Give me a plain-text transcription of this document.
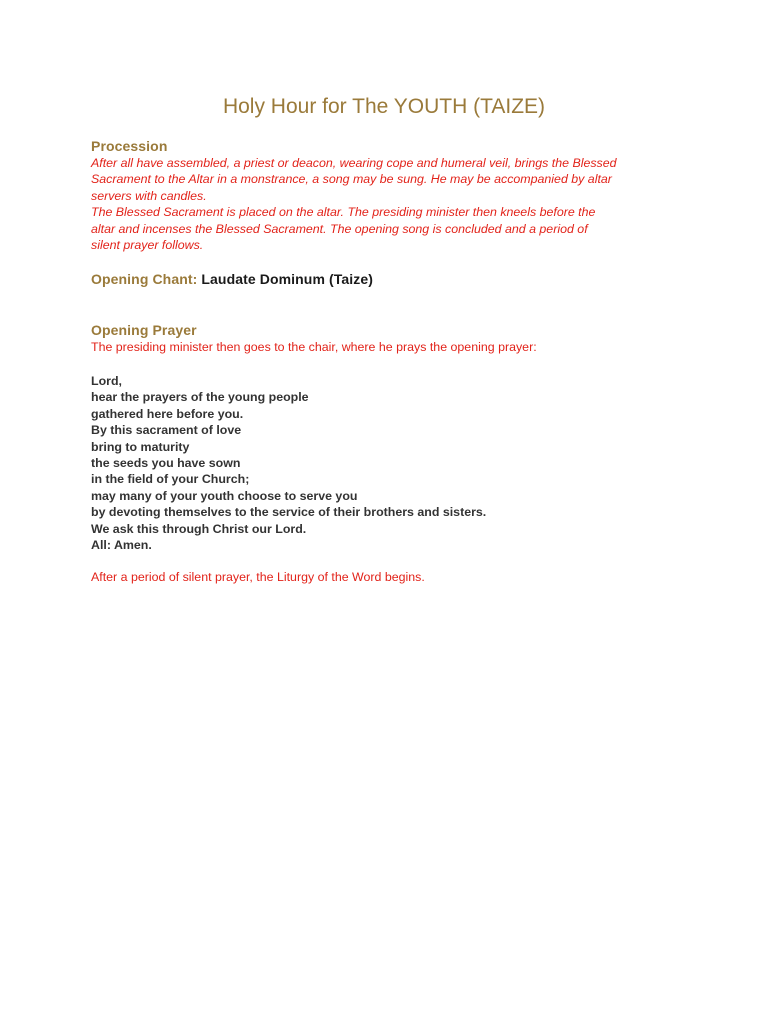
Holy Hour for The YOUTH (TAIZE)
Procession
After all have assembled, a priest or deacon, wearing cope and humeral veil, brings the Blessed
Sacrament to the Altar in a monstrance, a song may be sung. He may be accompanied by altar
servers with candles.
The Blessed Sacrament is placed on the altar. The presiding minister then kneels before the
altar and incenses the Blessed Sacrament. The opening song is concluded and a period of
silent prayer follows.
Opening Chant: Laudate Dominum (Taize)
Opening Prayer
The presiding minister then goes to the chair, where he prays the opening prayer:
Lord,
hear the prayers of the young people
gathered here before you.
By this sacrament of love
bring to maturity
the seeds you have sown
in the field of your Church;
may many of your youth choose to serve you
by devoting themselves to the service of their brothers and sisters.
We ask this through Christ our Lord.
All: Amen.
After a period of silent prayer, the Liturgy of the Word begins.
